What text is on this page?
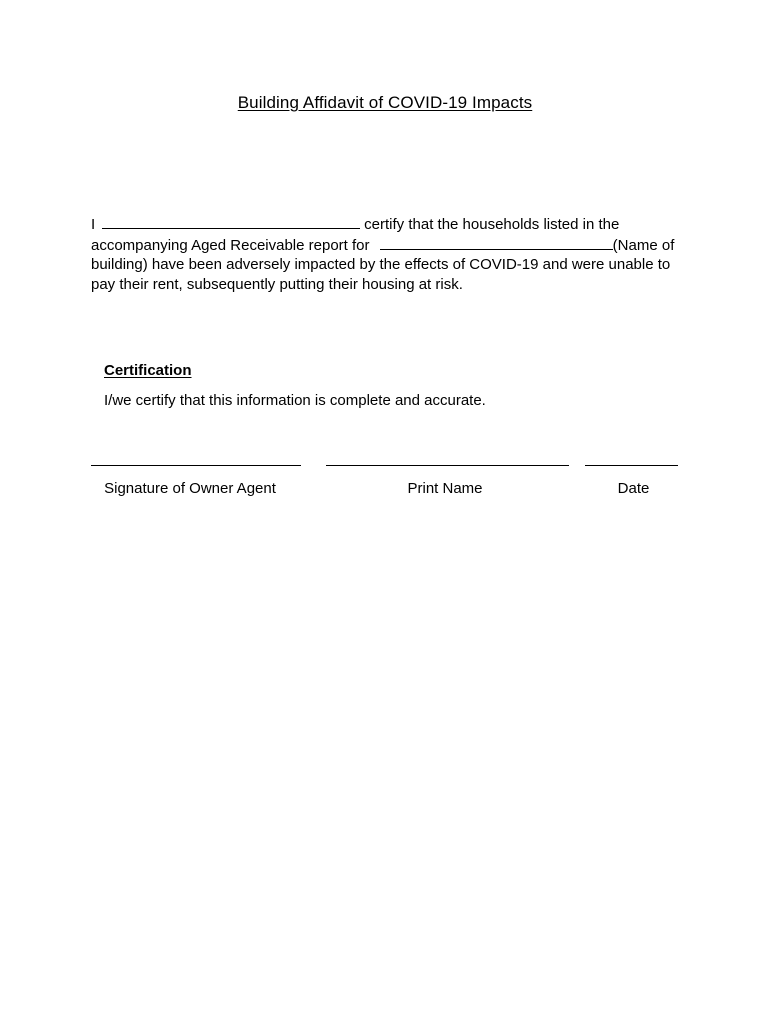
Building Affidavit of COVID-19 Impacts
I	certify that the households listed in the accompanying Aged Receivable report for	(Name of building) have been adversely impacted by the effects of COVID-19 and were unable to pay their rent, subsequently putting their housing at risk.
Certification
I/we certify that this information is complete and accurate.
Signature of Owner Agent	Print Name	Date
